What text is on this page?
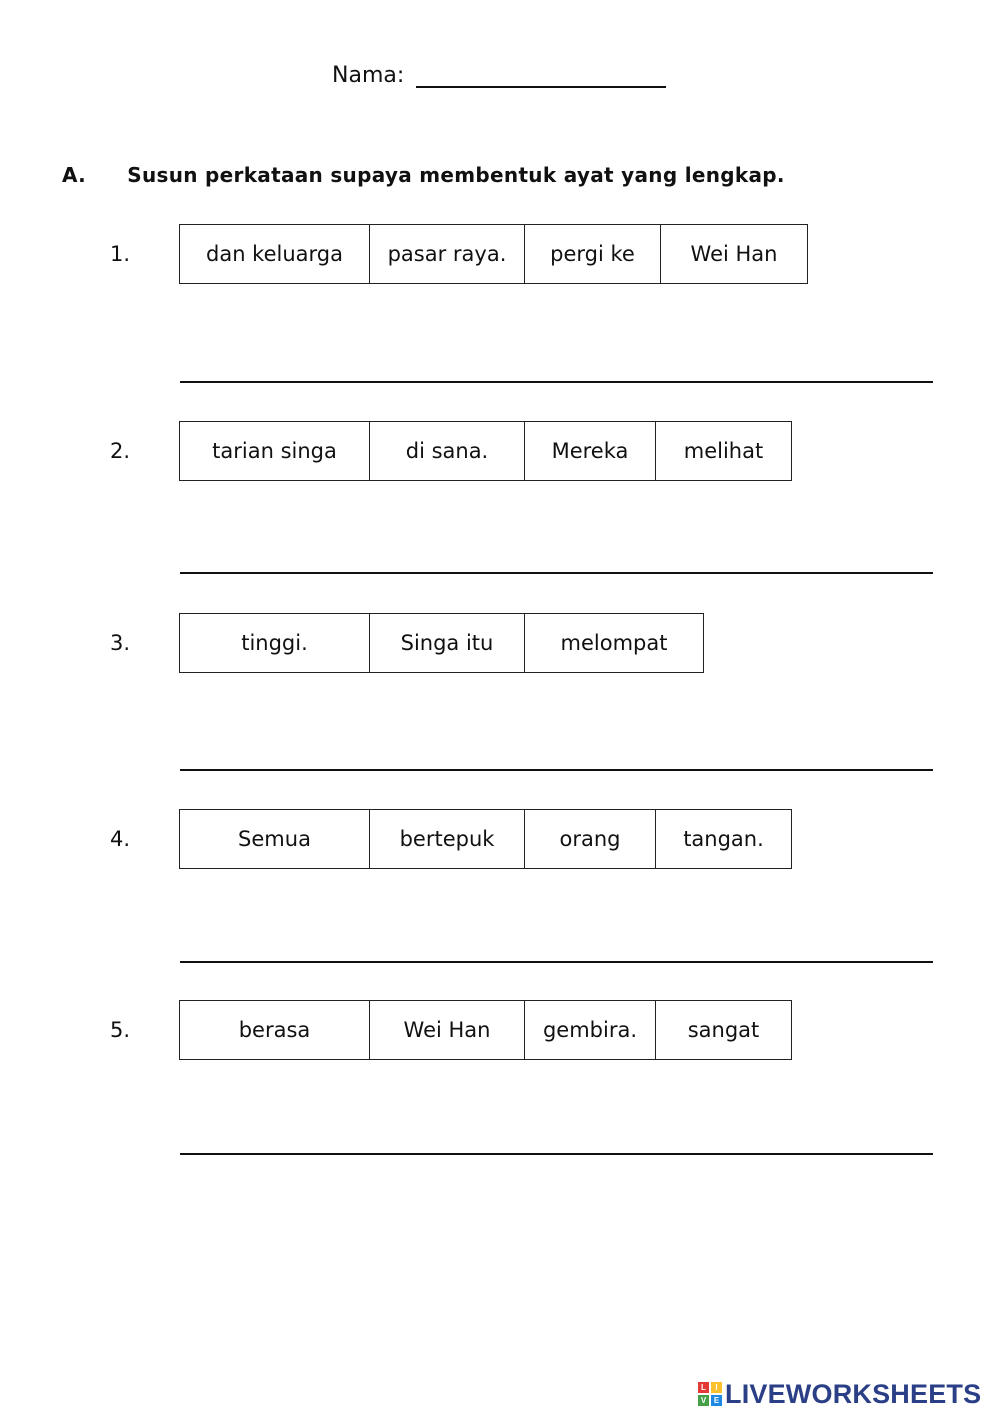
Nama:
A. Susun perkataan supaya membentuk ayat yang lengkap.
1.	dan keluarga	pasar raya.	pergi ke	Wei Han
2.	tarian singa	di sana.	Mereka	melihat
3.	tinggi.	Singa itu	melompat
4.	Semua	bertepuk	orang	tangan.
5.	berasa	Wei Han	gembira.	sangat
L	I
V E LIVEWORKSHEETS
